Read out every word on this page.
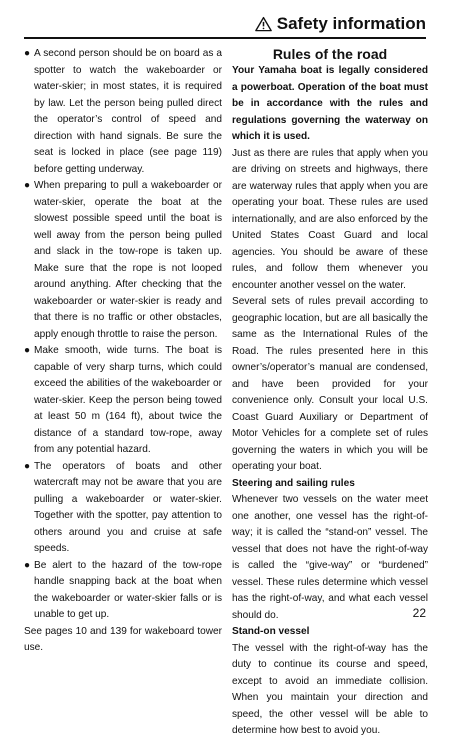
Safety information

● A second person should be on board as a spotter to watch the wakeboarder or water-skier; in most states, it is required by law. Let the person being pulled direct the operator’s control of speed and direction with hand signals. Be sure the seat is locked in place (see page 119) before getting underway.

● When preparing to pull a wakeboarder or water-skier, operate the boat at the slowest possible speed until the boat is well away from the person being pulled and slack in the tow-rope is taken up. Make sure that the rope is not looped around anything. After checking that the wakeboarder or water-skier is ready and that there is no traffic or other obstacles, apply enough throttle to raise the person.

● Make smooth, wide turns. The boat is capable of very sharp turns, which could exceed the abilities of the wakeboarder or water-skier. Keep the person being towed at least 50 m (164 ft), about twice the distance of a standard tow-rope, away from any potential hazard.

● The operators of boats and other watercraft may not be aware that you are pulling a wakeboarder or water-skier. Together with the spotter, pay attention to others around you and cruise at safe speeds.

● Be alert to the hazard of the tow-rope handle snapping back at the boat when the wakeboarder or water-skier falls or is unable to get up.

See pages 10 and 139 for wakeboard tower use.

Rules of the road

Your Yamaha boat is legally considered a powerboat. Operation of the boat must be in accordance with the rules and regulations governing the waterway on which it is used.

Just as there are rules that apply when you are driving on streets and highways, there are waterway rules that apply when you are operating your boat. These rules are used internationally, and are also enforced by the United States Coast Guard and local agencies. You should be aware of these rules, and follow them whenever you encounter another vessel on the water.

Several sets of rules prevail according to geographic location, but are all basically the same as the International Rules of the Road. The rules presented here in this owner’s/operator’s manual are condensed, and have been provided for your convenience only. Consult your local U.S. Coast Guard Auxiliary or Department of Motor Vehicles for a complete set of rules governing the waters in which you will be operating your boat.

Steering and sailing rules

Whenever two vessels on the water meet one another, one vessel has the right-of-way; it is called the “stand-on” vessel. The vessel that does not have the right-of-way is called the “give-way” or “burdened” vessel. These rules determine which vessel has the right-of-way, and what each vessel should do.

Stand-on vessel

The vessel with the right-of-way has the duty to continue its course and speed, except to avoid an immediate collision. When you maintain your direction and speed, the other vessel will be able to determine how best to avoid you.

22
